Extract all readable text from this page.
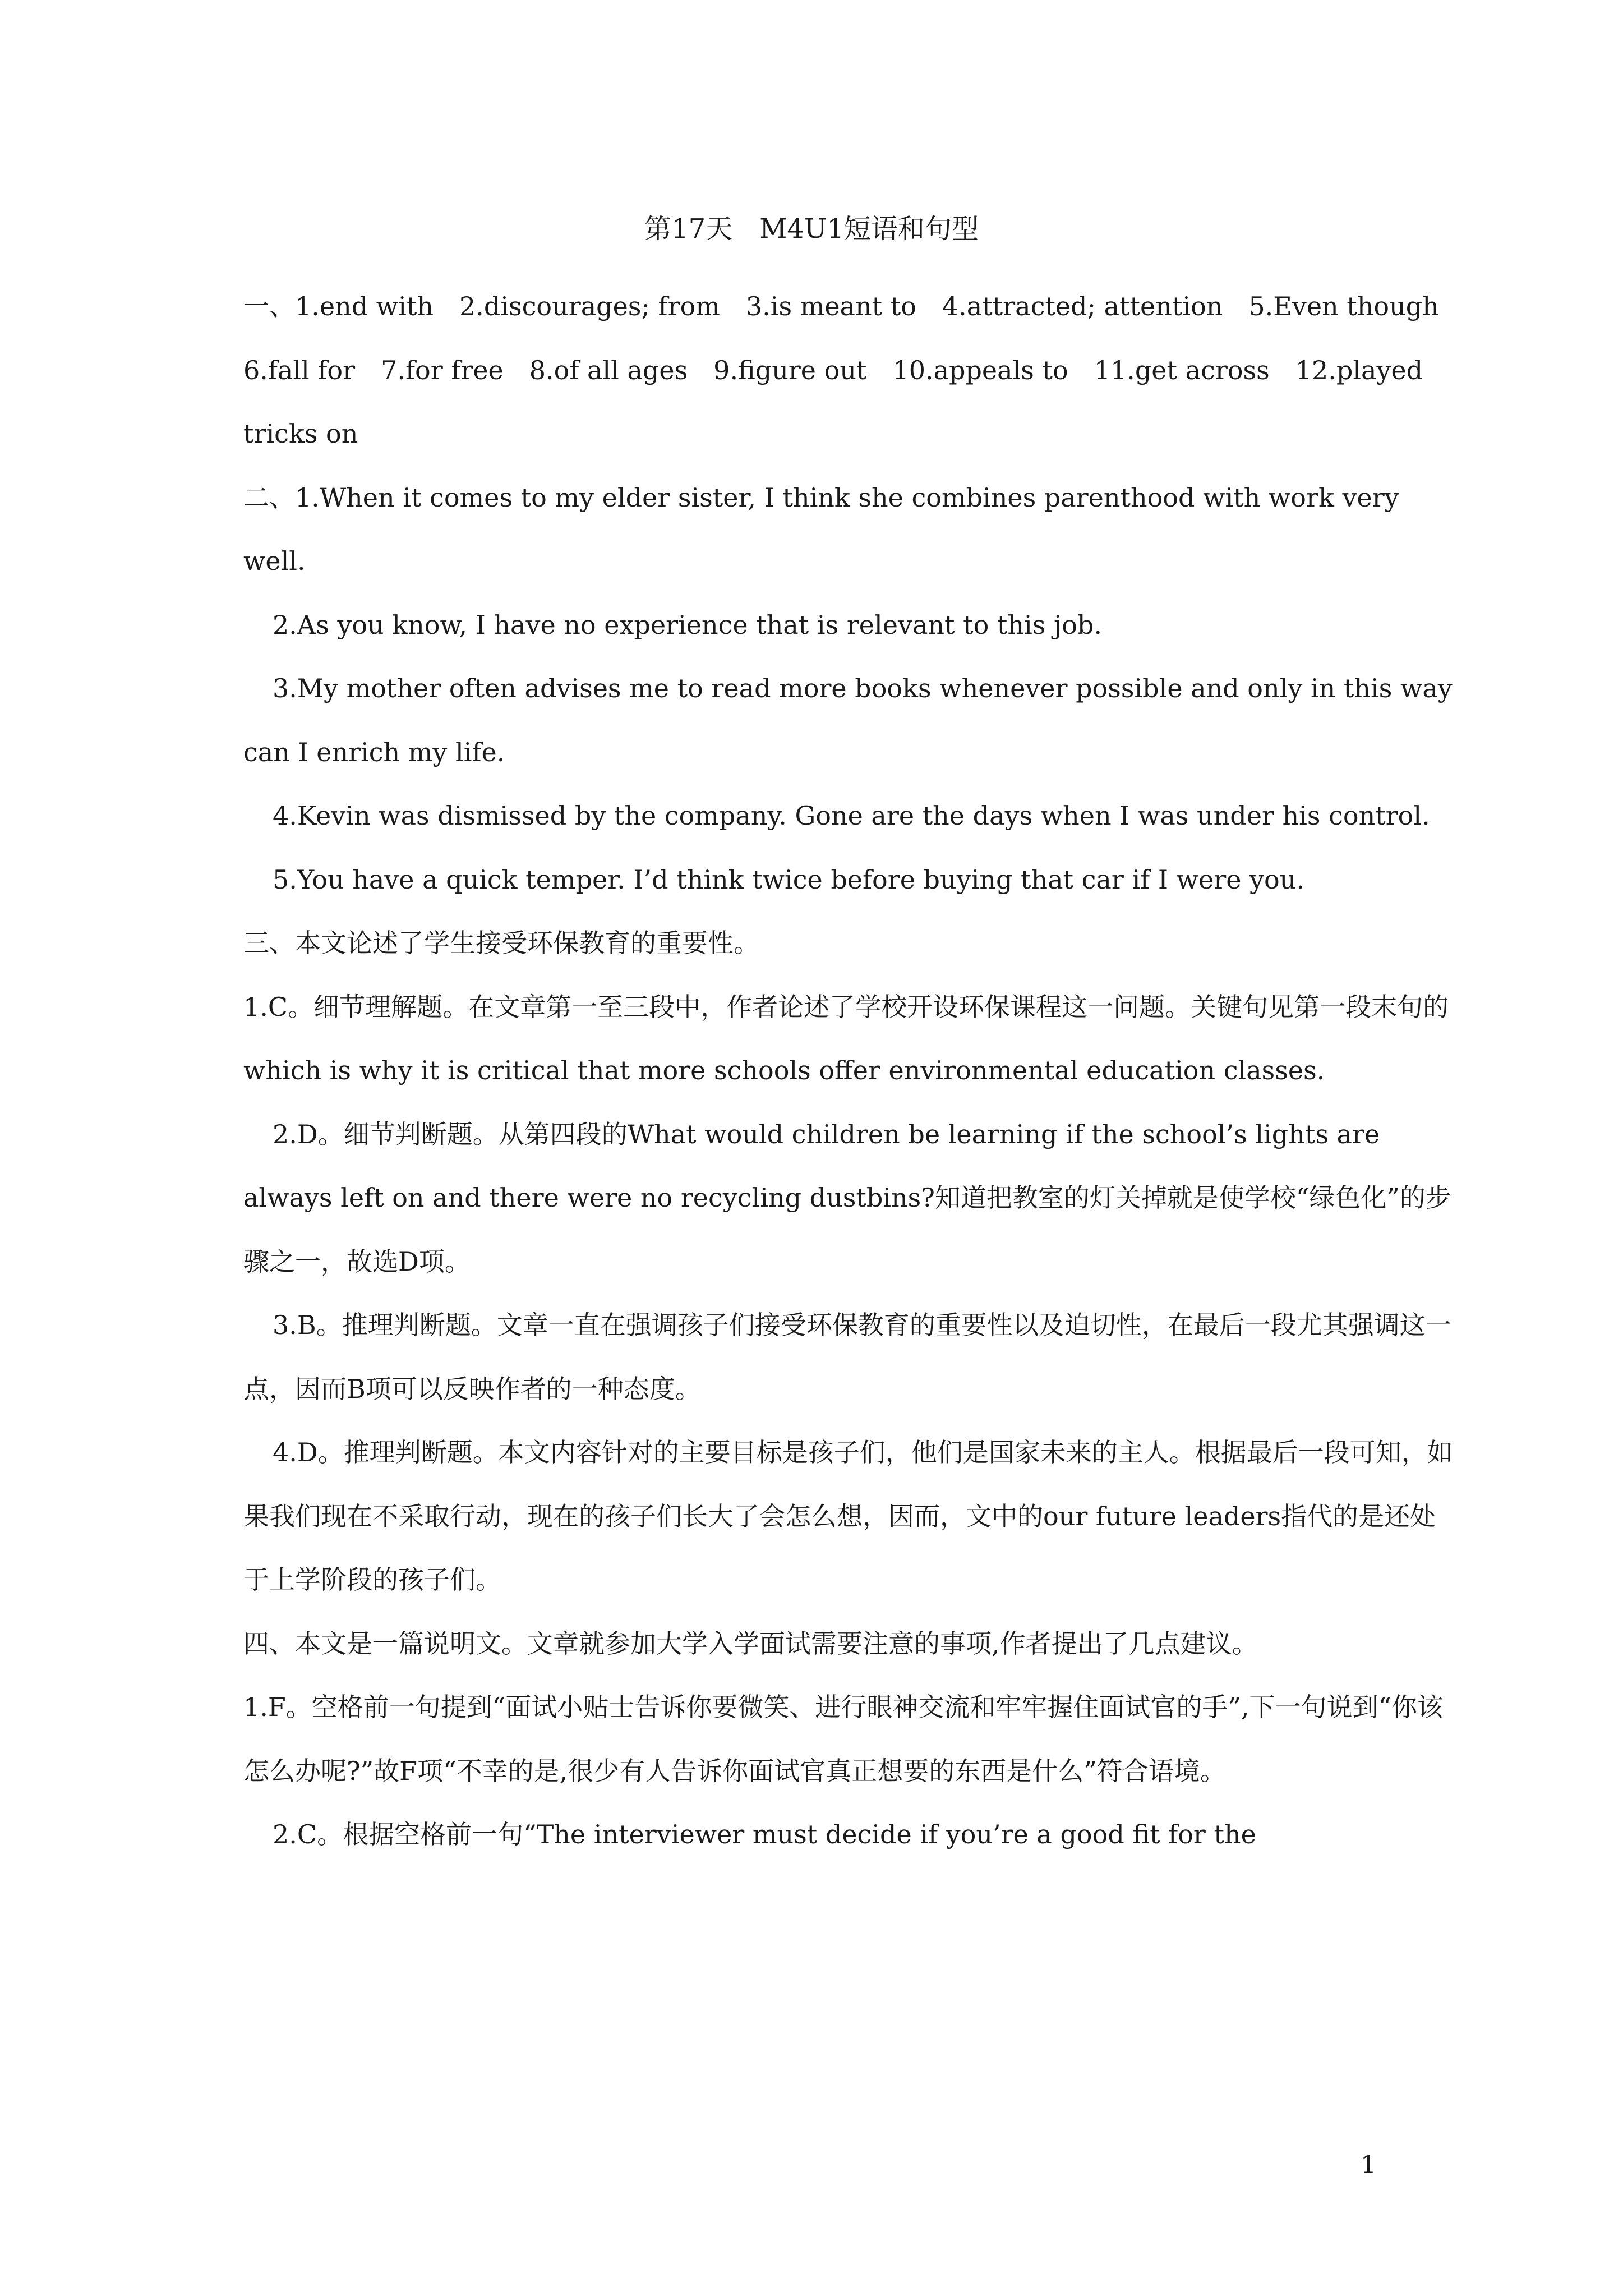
第17天　M4U1短语和句型

一、1.end with　2.discourages; from　3.is meant to　4.attracted; attention　5.Even though　6.fall for　7.for free　8.of all ages　9.figure out　10.appeals to　11.get across　12.played tricks on

二、1.When it comes to my elder sister, I think she combines parenthood with work very well.

2.As you know, I have no experience that is relevant to this job.

3.My mother often advises me to read more books whenever possible and only in this way can I enrich my life.

4.Kevin was dismissed by the company. Gone are the days when I was under his control.

5.You have a quick temper. I’d think twice before buying that car if I were you.

三、本文论述了学生接受环保教育的重要性。

1.C。细节理解题。在文章第一至三段中，作者论述了学校开设环保课程这一问题。关键句见第一段末句的which is why it is critical that more schools offer environmental education classes.

2.D。细节判断题。从第四段的What would children be learning if the school’s lights are always left on and there were no recycling dustbins?知道把教室的灯关掉就是使学校“绿色化”的步骤之一，故选D项。

3.B。推理判断题。文章一直在强调孩子们接受环保教育的重要性以及迫切性，在最后一段尤其强调这一点，因而B项可以反映作者的一种态度。

4.D。推理判断题。本文内容针对的主要目标是孩子们，他们是国家未来的主人。根据最后一段可知，如果我们现在不采取行动，现在的孩子们长大了会怎么想，因而，文中的our future leaders指代的是还处于上学阶段的孩子们。

四、本文是一篇说明文。文章就参加大学入学面试需要注意的事项,作者提出了几点建议。

1.F。空格前一句提到“面试小贴士告诉你要微笑、进行眼神交流和牢牢握住面试官的手”,下一句说到“你该怎么办呢?”故F项“不幸的是,很少有人告诉你面试官真正想要的东西是什么”符合语境。

2.C。根据空格前一句“The interviewer must decide if you’re a good fit for the

1
